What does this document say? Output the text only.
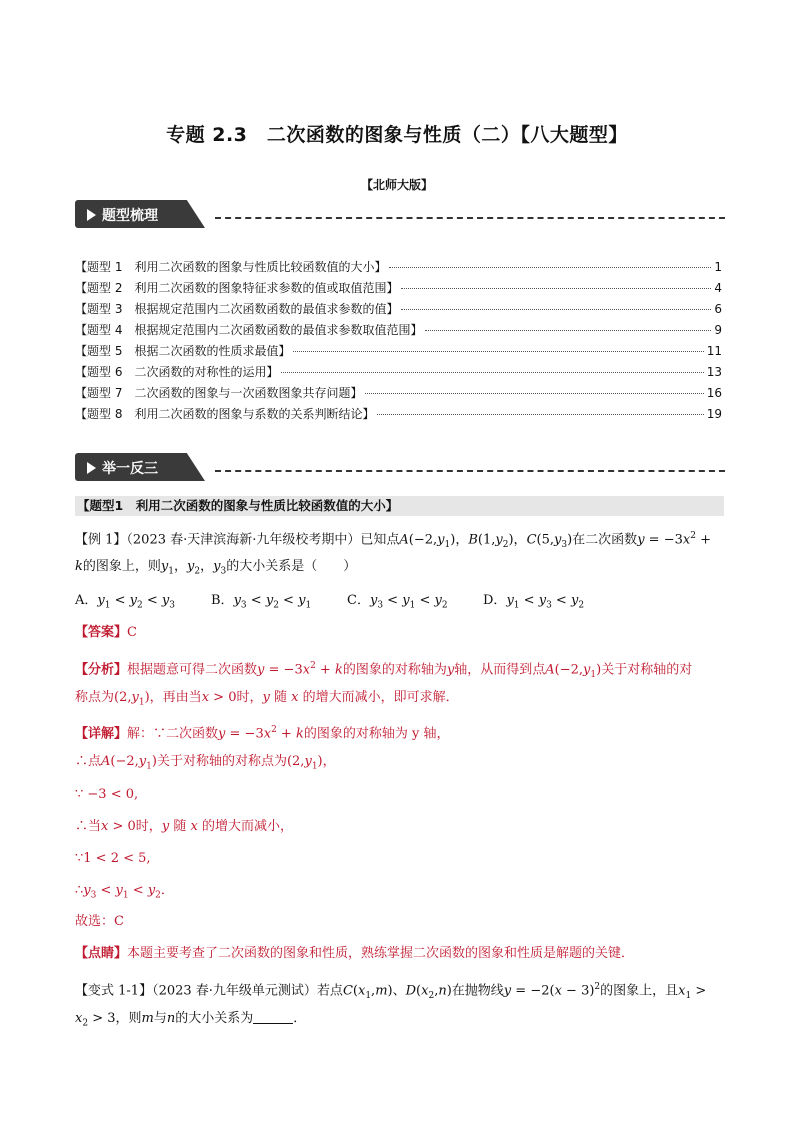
专题 2.3　二次函数的图象与性质（二）【八大题型】
【北师大版】
题型梳理
【题型 1　利用二次函数的图象与性质比较函数值的大小】	1
【题型 2　利用二次函数的图象特征求参数的值或取值范围】	4
【题型 3　根据规定范围内二次函数函数的最值求参数的值】	6
【题型 4　根据规定范围内二次函数函数的最值求参数取值范围】	9
【题型 5　根据二次函数的性质求最值】	11
【题型 6　二次函数的对称性的运用】	13
【题型 7　二次函数的图象与一次函数图象共存问题】	16
【题型 8　利用二次函数的图象与系数的关系判断结论】	19
举一反三
【题型1　利用二次函数的图象与性质比较函数值的大小】
【例 1】（2023 春·天津滨海新·九年级校考期中）已知点$A(-2,y_1)$，$B(1,y_2)$，$C(5,y_3)$在二次函数$y = -3x^2$ +
k的图象上，则$y_1$，$y_2$，$y_3$的大小关系是（　　）
A．$y_1 < y_2 < y_3$	B．$y_3 < y_2 < y_1$	C．$y_3 < y_1 < y_2$	D．$y_1 < y_3 < y_2$
【答案】C
【分析】根据题意可得二次函数$y = -3x^2 + k$的图象的对称轴为y轴，从而得到点$A(-2,y_1)$关于对称轴的对
称点为$(2,y_1)$，再由当x > 0时，y 随 x 的增大而减小，即可求解．
【详解】解：∵二次函数$y = -3x^2 + k$的图象的对称轴为 y 轴，
∴点$A(-2,y_1)$关于对称轴的对称点为$(2,y_1)$，
∵ −3 < 0,
∴当x > 0时，y 随 x 的增大而减小，
∵1 < 2 < 5,
$\therefore y_3 < y_1 < y_2$．
故选：C
【点睛】本题主要考查了二次函数的图象和性质，熟练掌握二次函数的图象和性质是解题的关键．
【变式 1-1】（2023 春·九年级单元测试）若点$C(x_1,m)$、$D(x_2,n)$在抛物线$y = -2(x - 3)^2$的图象上，且$x_1$ >
$x_2 > 3$，则m与n的大小关系为	．
